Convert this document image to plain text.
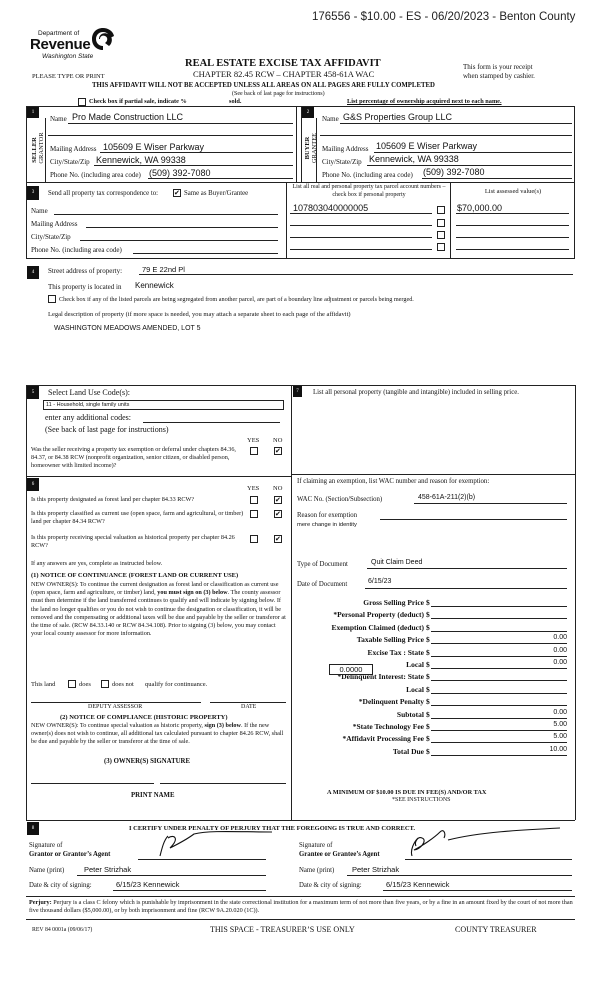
176556 - $10.00 - ES - 06/20/2023 - Benton County
Department of
Revenue
Washington State
REAL ESTATE EXCISE TAX AFFIDAVIT
CHAPTER 82.45 RCW – CHAPTER 458-61A WAC
PLEASE TYPE OR PRINT
This form is your receipt
when stamped by cashier.
THIS AFFIDAVIT WILL NOT BE ACCEPTED UNLESS ALL AREAS ON ALL PAGES ARE FULLY COMPLETED
(See back of last page for instructions)
Check box if partial sale, indicate %	sold.	List percentage of ownership acquired next to each name.
1
SELLER GRANTOR
Name Pro Made Construction LLC
Mailing Address 105609 E Wiser Parkway
City/State/Zip Kennewick, WA 99338
Phone No. (including area code) (509) 392-7080
2
BUYER GRANTEE
Name G&S Properties Group LLC
Mailing Address 105609 E Wiser Parkway
City/State/Zip Kennewick, WA 99338
Phone No. (including area code) (509) 392-7080
3	Send all property tax correspondence to: ✔	Same as Buyer/Grantee
Name
Mailing Address
City/State/Zip
Phone No. (including area code)
List all real and personal property tax parcel account numbers – check box if personal property	List assessed value(s)
107803040000005	$70,000.00
4	Street address of property:	79 E 22nd Pl
This property is located in Kennewick
Check box if any of the listed parcels are being segregated from another parcel, are part of a boundary line adjustment or parcels being merged.
Legal description of property (if more space is needed, you may attach a separate sheet to each page of the affidavit)
WASHINGTON MEADOWS AMENDED, LOT 5
5	Select Land Use Code(s):
11 - Household, single family units
enter any additional codes:
(See back of last page for instructions)
YES NO
Was the seller receiving a property tax exemption or deferral under chapters 84.36, 84.37, or 84.38 RCW (nonprofit organization, senior citizen, or disabled person, homeowner with limited income)?
✔
6
YES NO
Is this property designated as forest land per chapter 84.33 RCW?
✔
Is this property classified as current use (open space, farm and agricultural, or timber) land per chapter 84.34 RCW?
✔
Is this property receiving special valuation as historical property per chapter 84.26 RCW?
✔
If any answers are yes, complete as instructed below.
(1) NOTICE OF CONTINUANCE (FOREST LAND OR CURRENT USE)
NEW OWNER(S): To continue the current designation as forest land or classification as current use (open space, farm and agriculture, or timber) land, you must sign on (3) below. The county assessor must then determine if the land transferred continues to qualify and will indicate by signing below. If the land no longer qualifies or you do not wish to continue the designation or classification, it will be removed and the compensating or additional taxes will be due and payable by the seller or transferor at the time of sale. (RCW 84.33.140 or RCW 84.34.108). Prior to signing (3) below, you may contact your local county assessor for more information.
This land	does	does not qualify for continuance.
DEPUTY ASSESSOR	DATE
(2) NOTICE OF COMPLIANCE (HISTORIC PROPERTY)
NEW OWNER(S): To continue special valuation as historic property, sign (3) below. If the new owner(s) does not wish to continue, all additional tax calculated pursuant to chapter 84.26 RCW, shall be due and payable by the seller or transferor at the time of sale.
(3) OWNER(S) SIGNATURE
PRINT NAME
7	List all personal property (tangible and intangible) included in selling price.
If claiming an exemption, list WAC number and reason for exemption:
WAC No. (Section/Subsection)	458-61A-211(2)(b)
Reason for exemption
mere change in identity
Type of Document	Quit Claim Deed
Date of Document	6/15/23
Gross Selling Price $
*Personal Property (deduct) $
Exemption Claimed (deduct) $
Taxable Selling Price $	0.00
Excise Tax : State $	0.00
Local $	0.00
*Delinquent Interest: State $
Local $
*Delinquent Penalty $
Subtotal $	0.00
*State Technology Fee $	5.00
*Affidavit Processing Fee $	5.00
Total Due $	10.00
0.0000
A MINIMUM OF $10.00 IS DUE IN FEE(S) AND/OR TAX
*SEE INSTRUCTIONS
8	I CERTIFY UNDER PENALTY OF PERJURY THAT THE FOREGOING IS TRUE AND CORRECT.
Signature of
Grantor or Grantor’s Agent
Name (print)	Peter Strizhak
Date & city of signing:	6/15/23 Kennewick
Signature of
Grantee or Grantee’s Agent
Name (print) Peter Strizhak
Date & city of signing:	6/15/23 Kennewick
Perjury: Perjury is a class C felony which is punishable by imprisonment in the state correctional institution for a maximum term of not more than five years, or by a fine in an amount fixed by the court of not more than five thousand dollars ($5,000.00), or by both imprisonment and fine (RCW 9A.20.020 (1C)).
REV 84 0001a (09/06/17)	THIS SPACE - TREASURER’S USE ONLY	COUNTY TREASURER
